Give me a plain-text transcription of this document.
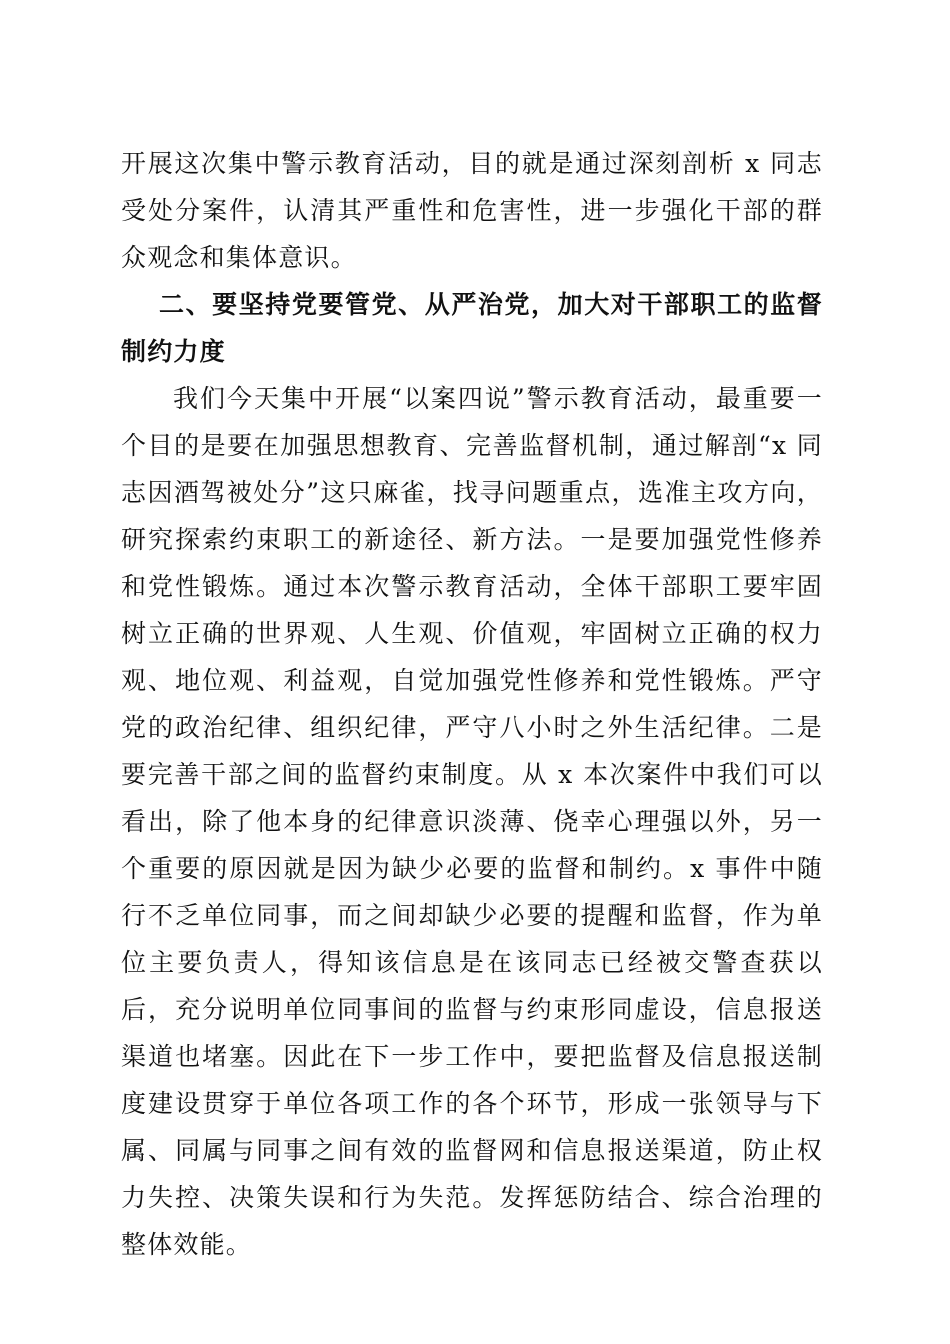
开展这次集中警示教育活动，目的就是通过深刻剖析 x 同志受处分案件，认清其严重性和危害性，进一步强化干部的群众观念和集体意识。

二、要坚持党要管党、从严治党，加大对干部职工的监督制约力度

我们今天集中开展“以案四说”警示教育活动，最重要一个目的是要在加强思想教育、完善监督机制，通过解剖“x 同志因酒驾被处分”这只麻雀，找寻问题重点，选准主攻方向，研究探索约束职工的新途径、新方法。一是要加强党性修养和党性锻炼。通过本次警示教育活动，全体干部职工要牢固树立正确的世界观、人生观、价值观，牢固树立正确的权力观、地位观、利益观，自觉加强党性修养和党性锻炼。严守党的政治纪律、组织纪律，严守八小时之外生活纪律。二是要完善干部之间的监督约束制度。从 x 本次案件中我们可以看出，除了他本身的纪律意识淡薄、侥幸心理强以外，另一个重要的原因就是因为缺少必要的监督和制约。x 事件中随行不乏单位同事，而之间却缺少必要的提醒和监督，作为单位主要负责人，得知该信息是在该同志已经被交警查获以后，充分说明单位同事间的监督与约束形同虚设，信息报送渠道也堵塞。因此在下一步工作中，要把监督及信息报送制度建设贯穿于单位各项工作的各个环节，形成一张领导与下属、同属与同事之间有效的监督网和信息报送渠道，防止权力失控、决策失误和行为失范。发挥惩防结合、综合治理的整体效能。
